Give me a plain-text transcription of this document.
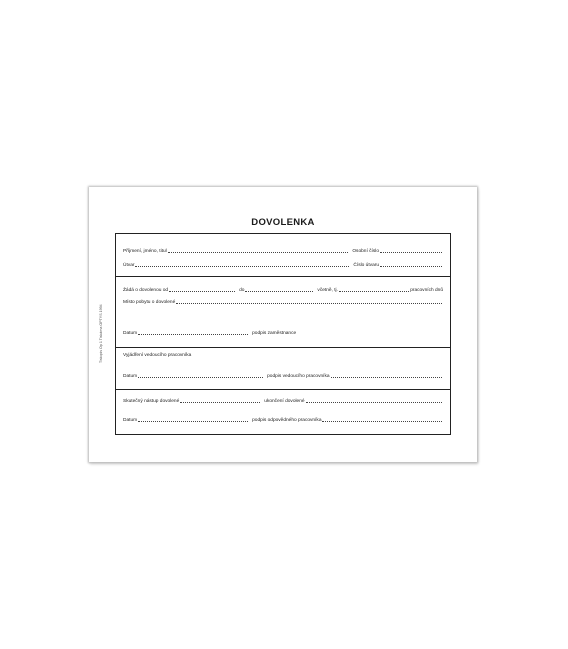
DOVOLENKA
Tiskopis Op 1 Tiskárna OPTYS 1994
Příjmení, jméno, titul	Osobní číslo
Útvar	Číslo útvaru
Žádá o dovolenou od	do	včetně, tj.	pracovních dnů
Místo pobytu o dovolené
Datum	podpis zaměstnance
Vyjádření vedoucího pracovníka
Datum	podpis vedoucího pracovníka
Skutečný nástup dovolené	ukončení dovolené
Datum	podpis odpovědného pracovníka
